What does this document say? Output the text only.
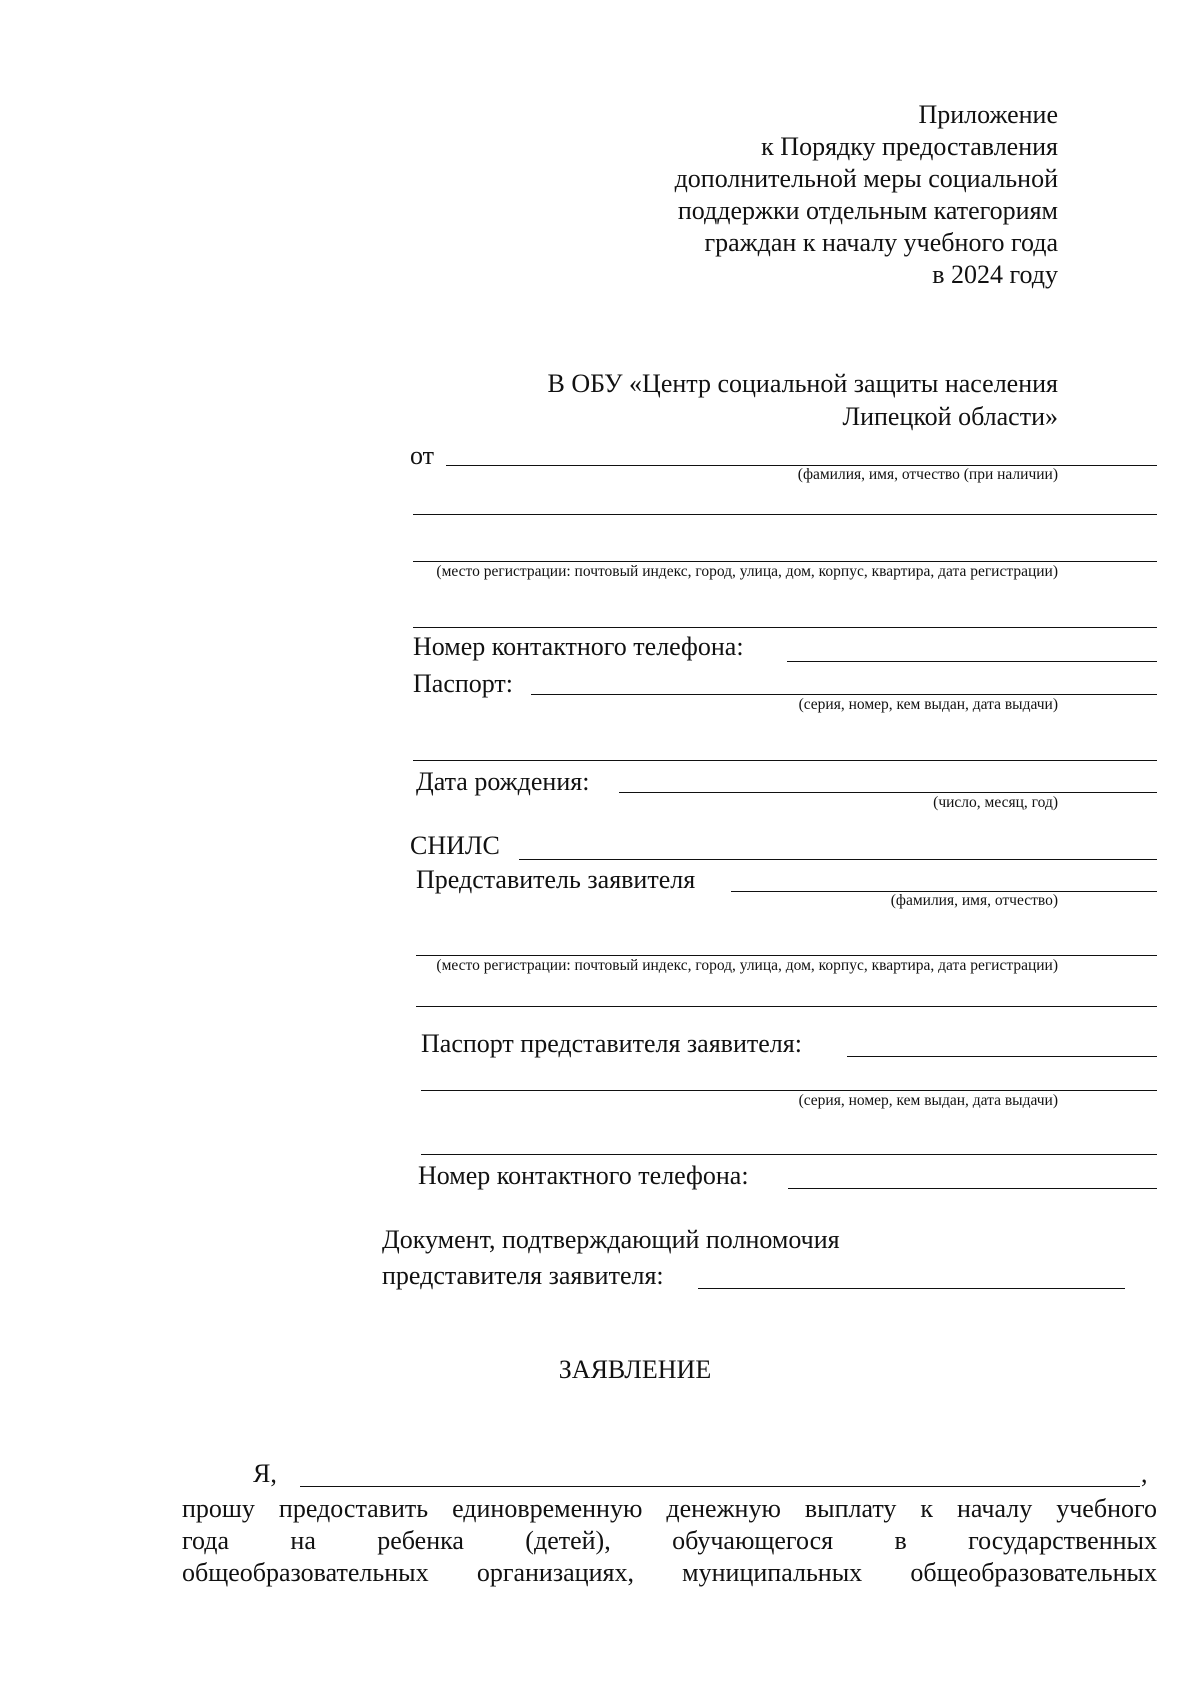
Приложение
к Порядку предоставления
дополнительной меры социальной
поддержки отдельным категориям
граждан к началу учебного года
в 2024 году
В ОБУ «Центр социальной защиты населения
Липецкой области»
от
(фамилия, имя, отчество (при наличии)
(место регистрации: почтовый индекс, город, улица, дом, корпус, квартира, дата регистрации)
Номер контактного телефона:
Паспорт:
(серия, номер, кем выдан, дата выдачи)
Дата рождения:
(число, месяц, год)
СНИЛС
Представитель заявителя
(фамилия, имя, отчество)
(место регистрации: почтовый индекс, город, улица, дом, корпус, квартира, дата регистрации)
Паспорт представителя заявителя:
(серия, номер, кем выдан, дата выдачи)
Номер контактного телефона:
Документ, подтверждающий полномочия
представителя заявителя:
ЗАЯВЛЕНИЕ
Я,	,
прошу предоставить единовременную денежную выплату к началу учебного
года на ребенка (детей), обучающегося в государственных
общеобразовательных организациях, муниципальных общеобразовательных
